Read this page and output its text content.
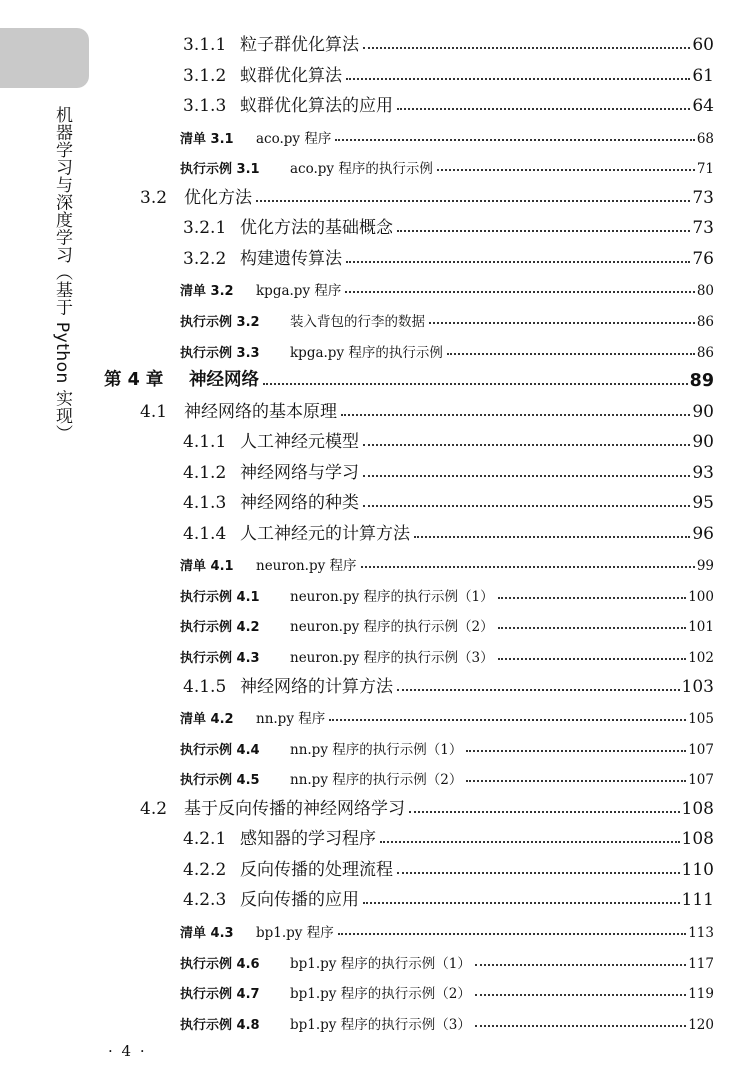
机器学习与深度学习（基于 Python 实现）
3.1.1 粒子群优化算法	60
3.1.2 蚁群优化算法	61
3.1.3 蚁群优化算法的应用	64
清单 3.1	aco.py 程序	68
执行示例 3.1	aco.py 程序的执行示例	71
3.2 优化方法	73
3.2.1 优化方法的基础概念	73
3.2.2 构建遗传算法	76
清单 3.2	kpga.py 程序	80
执行示例 3.2	装入背包的行李的数据	86
执行示例 3.3	kpga.py 程序的执行示例	86
第 4 章	神经网络	89
4.1 神经网络的基本原理	90
4.1.1 人工神经元模型	90
4.1.2 神经网络与学习	93
4.1.3 神经网络的种类	95
4.1.4 人工神经元的计算方法	96
清单 4.1	neuron.py 程序	99
执行示例 4.1	neuron.py 程序的执行示例（1）	100
执行示例 4.2	neuron.py 程序的执行示例（2）	101
执行示例 4.3	neuron.py 程序的执行示例（3）	102
4.1.5 神经网络的计算方法	103
清单 4.2	nn.py 程序	105
执行示例 4.4	nn.py 程序的执行示例（1）	107
执行示例 4.5	nn.py 程序的执行示例（2）	107
4.2 基于反向传播的神经网络学习	108
4.2.1 感知器的学习程序	108
4.2.2 反向传播的处理流程	110
4.2.3 反向传播的应用	111
清单 4.3	bp1.py 程序	113
执行示例 4.6	bp1.py 程序的执行示例（1）	117
执行示例 4.7	bp1.py 程序的执行示例（2）	119
执行示例 4.8	bp1.py 程序的执行示例（3）	120
· 4 ·
